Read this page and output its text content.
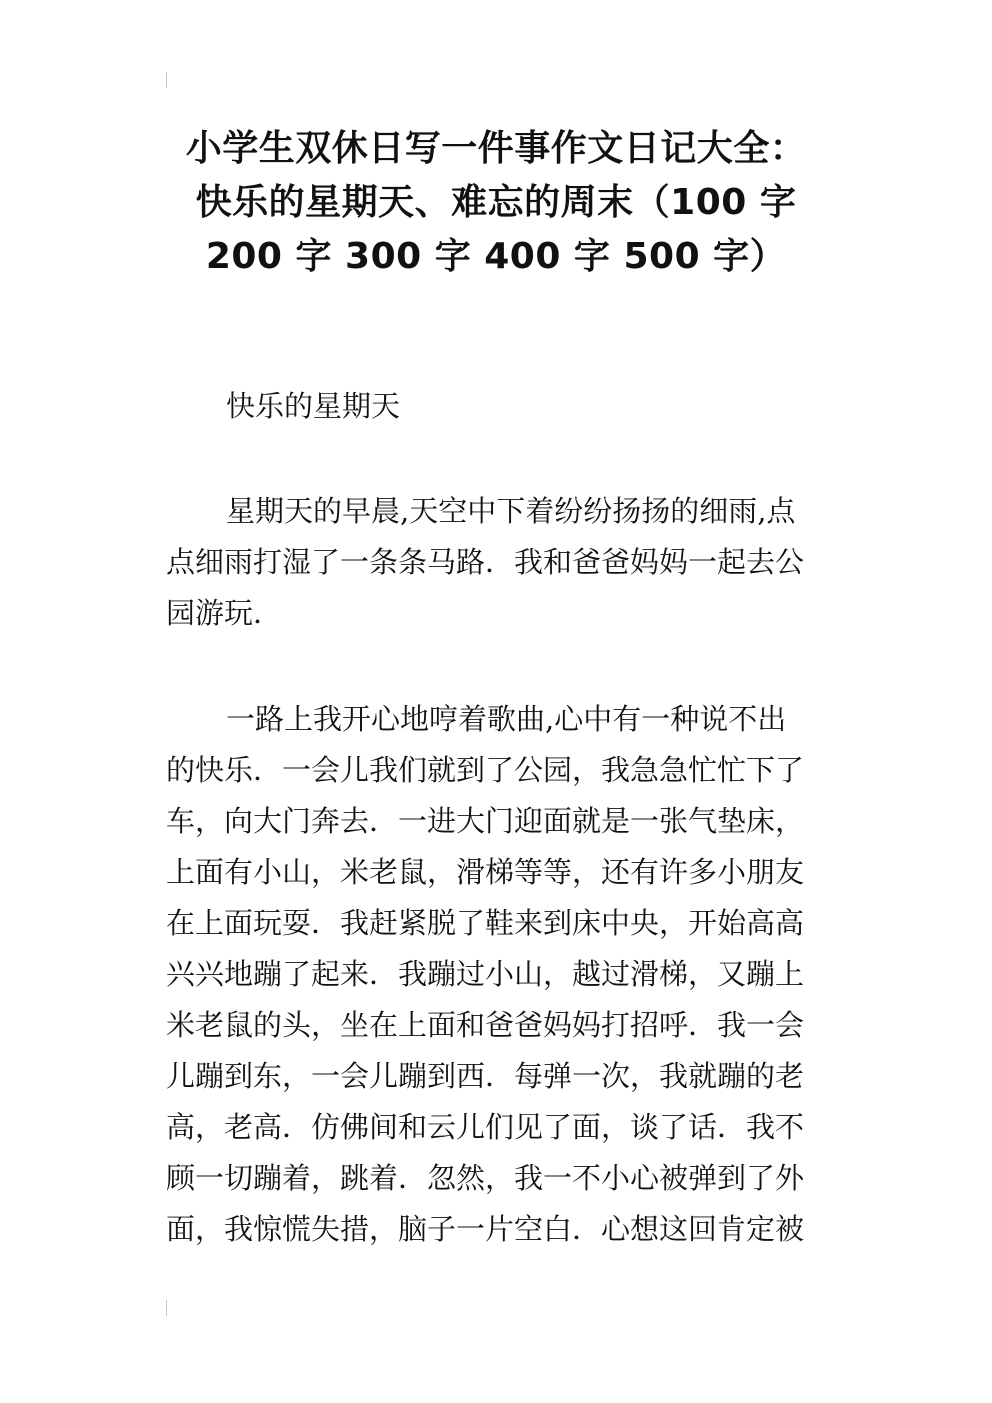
小学生双休日写一件事作文日记大全：
快乐的星期天、难忘的周末（100 字
200 字 300 字 400 字 500 字）
快乐的星期天

星期天的早晨,天空中下着纷纷扬扬的细雨,点
点细雨打湿了一条条马路．我和爸爸妈妈一起去公
园游玩．

一路上我开心地哼着歌曲,心中有一种说不出
的快乐．一会儿我们就到了公园，我急急忙忙下了
车，向大门奔去．一进大门迎面就是一张气垫床，
上面有小山，米老鼠，滑梯等等，还有许多小朋友
在上面玩耍．我赶紧脱了鞋来到床中央，开始高高
兴兴地蹦了起来．我蹦过小山，越过滑梯，又蹦上
米老鼠的头，坐在上面和爸爸妈妈打招呼．我一会
儿蹦到东，一会儿蹦到西．每弹一次，我就蹦的老
高，老高．仿佛间和云儿们见了面，谈了话．我不
顾一切蹦着，跳着．忽然，我一不小心被弹到了外
面，我惊慌失措，脑子一片空白．心想这回肯定被
